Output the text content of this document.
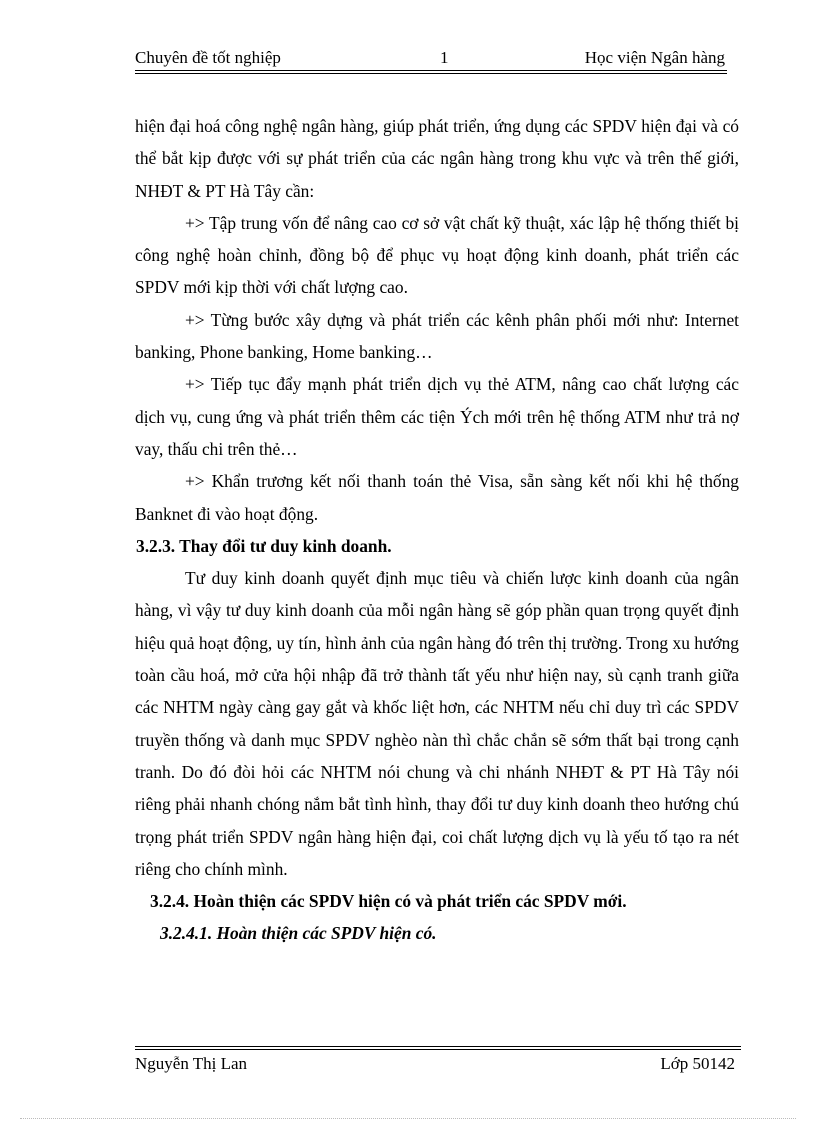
Chuyên đề tốt nghiệp	1	Học viện Ngân hàng

hiện đại hoá công nghệ ngân hàng, giúp phát triển, ứng dụng các SPDV hiện đại và có thể bắt kịp được với sự phát triển của các ngân hàng trong khu vực và trên thế giới, NHĐT & PT Hà Tây cần:

+> Tập trung vốn để nâng cao cơ sở vật chất kỹ thuật, xác lập hệ thống thiết bị công nghệ hoàn chỉnh, đồng bộ để phục vụ hoạt động kinh doanh, phát triển các SPDV mới kịp thời với chất lượng cao.

+> Từng bước xây dựng và phát triển các kênh phân phối mới như: Internet banking, Phone banking, Home banking…

+> Tiếp tục đẩy mạnh phát triển dịch vụ thẻ ATM, nâng cao chất lượng các dịch vụ, cung ứng và phát triển thêm các tiện Ých mới trên hệ thống ATM như trả nợ vay, thấu chi trên thẻ…

+> Khẩn trương kết nối thanh toán thẻ Visa, sẵn sàng kết nối khi hệ thống Banknet đi vào hoạt động.

3.2.3. Thay đổi tư duy kinh doanh.

Tư duy kinh doanh quyết định mục tiêu và chiến lược kinh doanh của ngân hàng, vì vậy tư duy kinh doanh của mỗi ngân hàng sẽ góp phần quan trọng quyết định hiệu quả hoạt động, uy tín, hình ảnh của ngân hàng đó trên thị trường. Trong xu hướng toàn cầu hoá, mở cửa hội nhập đã trở thành tất yếu như hiện nay, sù cạnh tranh giữa các NHTM ngày càng gay gắt và khốc liệt hơn, các NHTM nếu chỉ duy trì các SPDV truyền thống và danh mục SPDV nghèo nàn thì chắc chắn sẽ sớm thất bại trong cạnh tranh. Do đó đòi hỏi các NHTM nói chung và chi nhánh NHĐT & PT Hà Tây nói riêng phải nhanh chóng nắm bắt tình hình, thay đổi tư duy kinh doanh theo hướng chú trọng phát triển SPDV ngân hàng hiện đại, coi chất lượng dịch vụ là yếu tố tạo ra nét riêng cho chính mình.

3.2.4. Hoàn thiện các SPDV hiện có và phát triển các SPDV mới.

3.2.4.1. Hoàn thiện các SPDV hiện có.

Nguyễn Thị Lan	Lớp 50142
